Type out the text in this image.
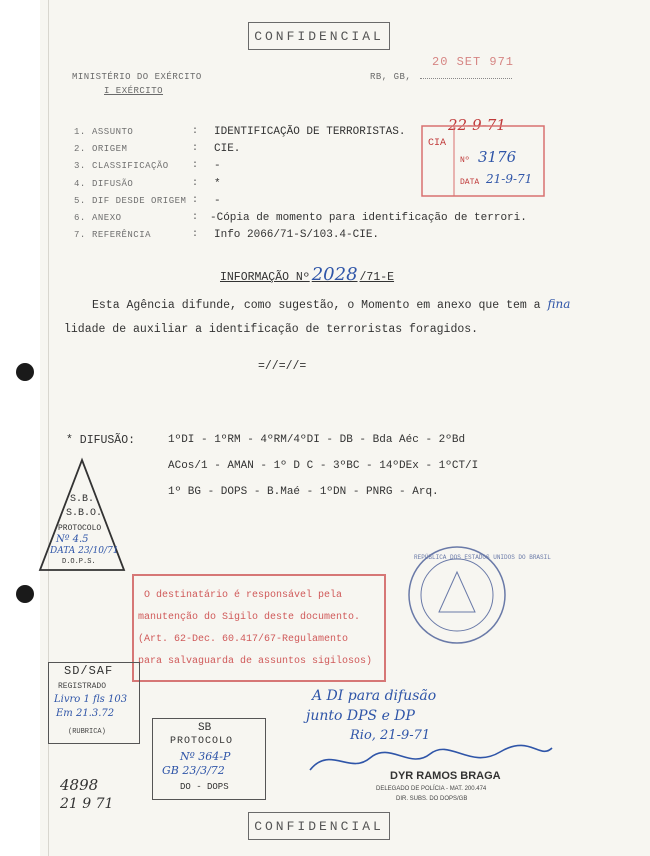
CONFIDENCIAL
MINISTÉRIO DO EXÉRCITO
I EXÉRCITO
RB, GB,
20 SET 971
1. ASSUNTO	: IDENTIFICAÇÃO DE TERRORISTAS.
2. ORIGEM	: CIE.
3. CLASSIFICAÇÃO : -
4. DIFUSÃO	: *
5. DIF DESDE ORIGEM : -
6. ANEXO	: -Cópia de momento para identificação de terrori.
7. REFERÊNCIA	: Info 2066/71-S/103.4-CIE.
INFORMAÇÃO Nº 2028 /71-E
Esta Agência difunde, como sugestão, o Momento em anexo que tem a fina
lidade de auxiliar a identificação de terroristas foragidos.
=//=//=
* DIFUSÃO:	1ºDI - 1ºRM - 4ºRM/4ºDI - DB - Bda Aéc - 2ºBd
ACos/1 - AMAN - 1º D C - 3ºBC - 14ºDEx - 1ºCT/I
1º BG - DOPS - B.Maé - 1ºDN - PNRG - Arq.
22-9-71
CIA
Nº 3176
DATA 21-9-71
S.B.
S.B.O.
PROTOCOLO
Nº 4.5
DATA 23/10/71
D.O.P.S.
O destinatário é responsável pela
manutenção do Sigilo deste documento.
(Art. 62-Dec. 60.417/67-Regulamento
para salvaguarda de assuntos sigilosos)
REPÚBLICA DOS ESTADOS UNIDOS DO BRASIL
SD/SAF
REGISTRADO
Livro 1 fls 103
Em 21.3.72
(RUBRICA)	SB
PROTOCOLO
Nº 364-P
GB 23/3/72
DO - DOPS
A DI para difusão
junto DPS e DP
Rio, 21-9-71
DYR RAMOS BRAGA
DELEGADO DE POLÍCIA - MAT. 200.474
DIR. SUBS. DO DOPS/GB
4898
21 9 71
CONFIDENCIAL
